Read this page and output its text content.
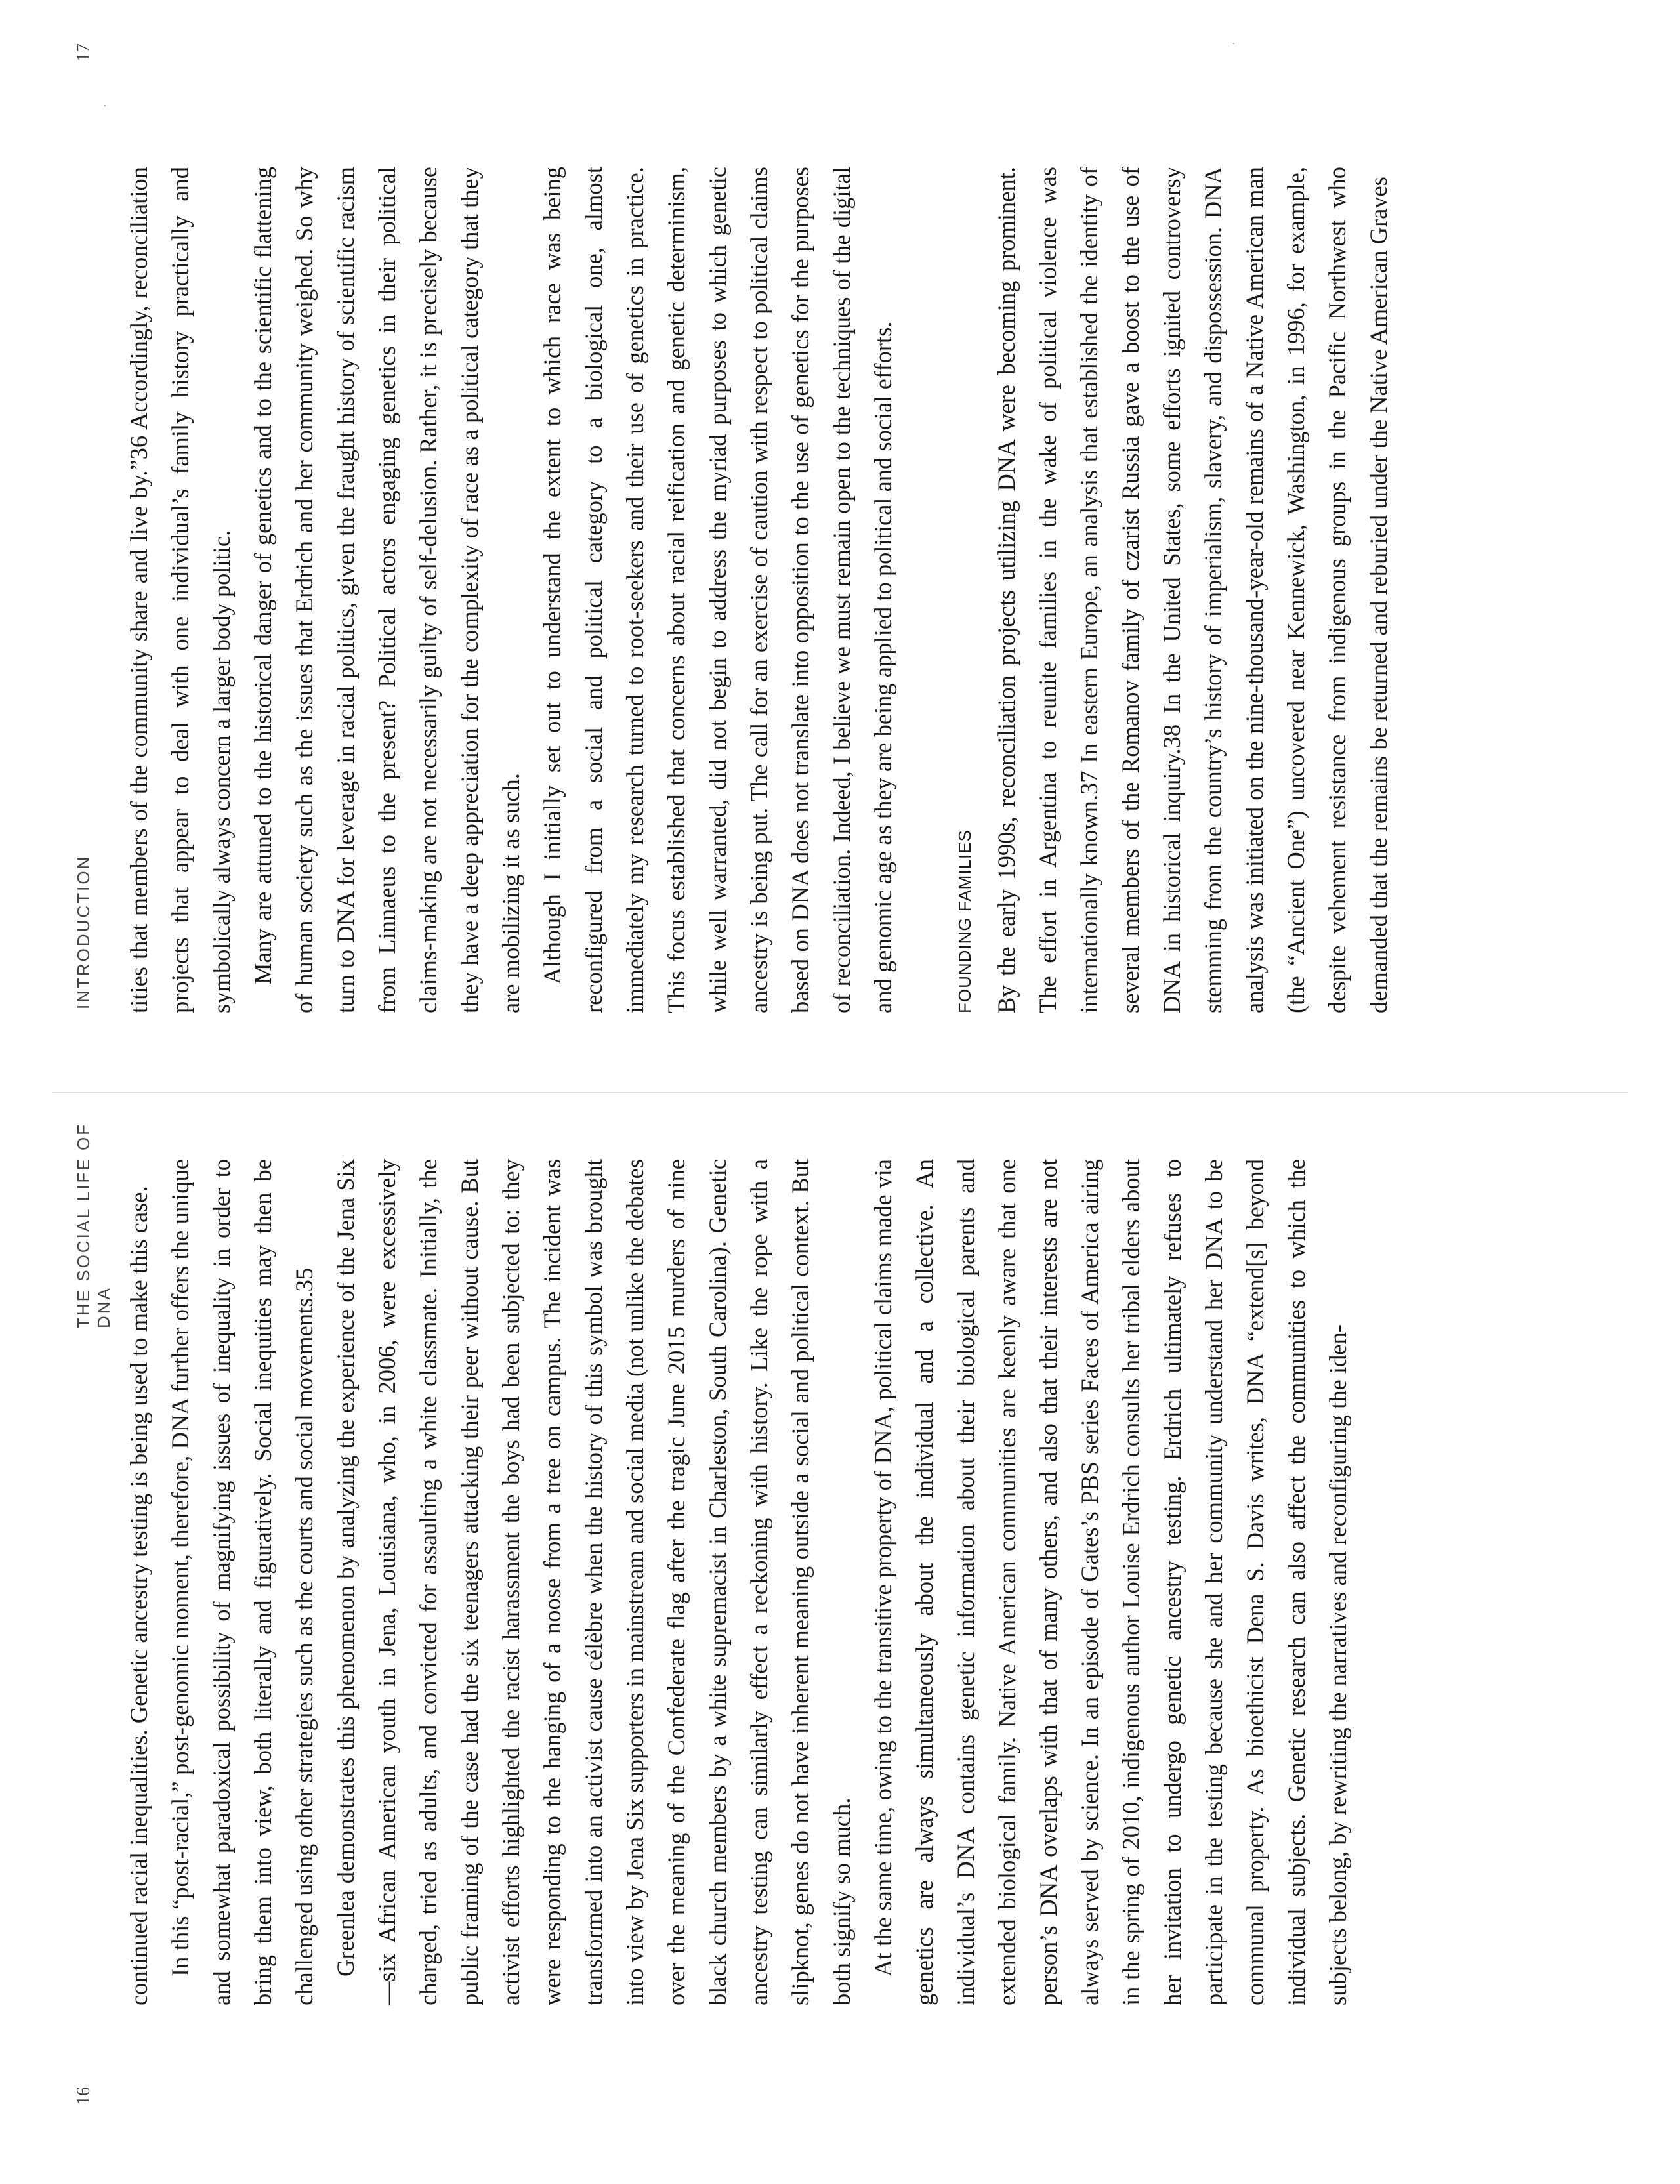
16
THE SOCIAL LIFE OF DNA continued racial inequalities. Genetic ancestry testing is being used to make this case. In this “post-racial,” post-genomic moment, therefore, DNA further offers the unique and somewhat paradoxical possibility of magnifying issues of inequality in order to bring them into view, both literally and figuratively. Social inequities may then be challenged using other strategies such as the courts and social movements.35 Greenlea demonstrates this phenomenon by analyzing the experience of the Jena Six—six African American youth in Jena, Louisiana, who, in 2006, were excessively charged, tried as adults, and convicted for assaulting a white classmate. Initially, the public framing of the case had the six teenagers attacking their peer without cause. But activist efforts highlighted the racist harassment the boys had been subjected to: they were responding to the hanging of a noose from a tree on campus. The incident was transformed into an activist cause célèbre when the history of this symbol was brought into view by Jena Six supporters in mainstream and social media (not unlike the debates over the meaning of the Confederate flag after the tragic June 2015 murders of nine black church members by a white supremacist in Charleston, South Carolina). Genetic ancestry testing can similarly effect a reckoning with history. Like the rope with a slipknot, genes do not have inherent meaning outside a social and political context. But both signify so much. At the same time, owing to the transitive property of DNA, political claims made via genetics are always simultaneously about the individual and a collective. An individual’s DNA contains genetic information about their biological parents and extended biological family. Native American communities are keenly aware that one person’s DNA overlaps with that of many others, and also that their interests are not always served by science. In an episode of Gates’s PBS series Faces of America airing in the spring of 2010, indigenous author Louise Erdrich consults her tribal elders about her invitation to undergo genetic ancestry testing. Erdrich ultimately refuses to participate in the testing because she and her community understand her DNA to be communal property. As bioethicist Dena S. Davis writes, DNA “extend[s] beyond individual subjects. Genetic research can also affect the communities to which the subjects belong, by rewriting the narratives and reconfiguring the iden-

INTRODUCTION
17

tities that members of the community share and live by.”36 Accordingly, reconciliation projects that appear to deal with one individual’s family history practically and symbolically always concern a larger body politic. Many are attuned to the historical danger of genetics and to the scientific flattening of human society such as the issues that Erdrich and her community weighed. So why turn to DNA for leverage in racial politics, given the fraught history of scientific racism from Linnaeus to the present? Political actors engaging genetics in their political claims-making are not necessarily guilty of self-delusion. Rather, it is precisely because they have a deep appreciation for the complexity of race as a political category that they are mobilizing it as such. Although I initially set out to understand the extent to which race was being reconfigured from a social and political category to a biological one, almost immediately my research turned to root-seekers and their use of genetics in practice. This focus established that concerns about racial reification and genetic determinism, while well warranted, did not begin to address the myriad purposes to which genetic ancestry is being put. The call for an exercise of caution with respect to political claims based on DNA does not translate into opposition to the use of genetics for the purposes of reconciliation. Indeed, I believe we must remain open to the techniques of the digital and genomic age as they are being applied to political and social efforts.	FOUNDING FAMILIES By the early 1990s, reconciliation projects utilizing DNA were becoming prominent. The effort in Argentina to reunite families in the wake of political violence was internationally known.37 In eastern Europe, an analysis that established the identity of several members of the Romanov family of czarist Russia gave a boost to the use of DNA in historical inquiry.38 In the United States, some efforts ignited controversy stemming from the country’s history of imperialism, slavery, and dispossession. DNA analysis was initiated on the nine-thousand-year-old remains of a Native American man (the “Ancient One”) uncovered near Kennewick, Washington, in 1996, for example, despite vehement resistance from indigenous groups in the Pacific Northwest who demanded that the remains be returned and reburied under the Native American Graves

·
·
